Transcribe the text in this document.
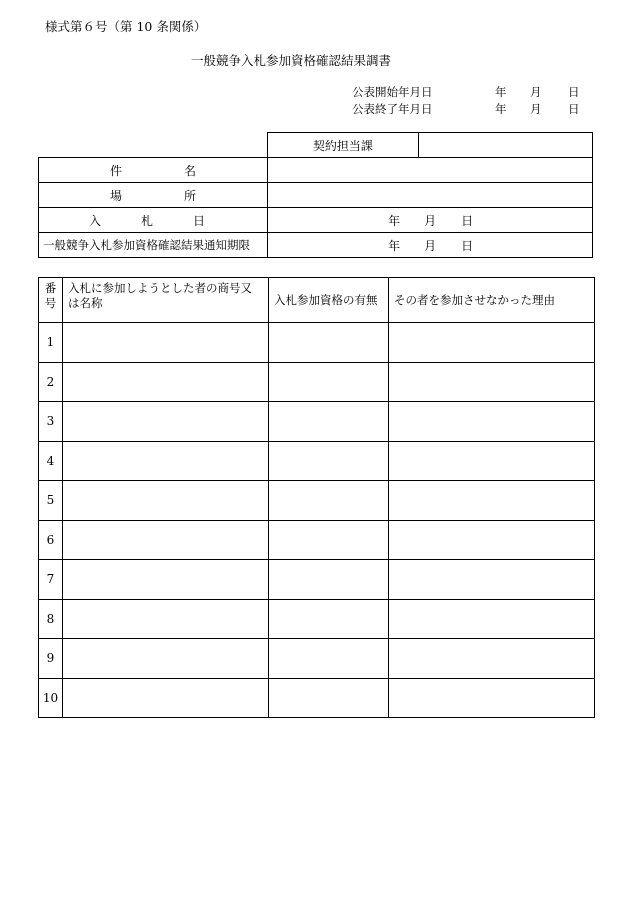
様式第６号（第 10 条関係）
一般競争入札参加資格確認結果調書
公表開始年月日	年 月 日
公表終了年月日	年 月 日
	契約担当課	

件 名		

場 所		

入 札 日	年 月 日	

一般競争入札参加資格確認結果通知期限	年 月 日	
番
号	入札に参加しようとした者の商号又は名称	入札参加資格の有無	その者を参加させなかった理由
1			
2			
3			
4			
5			
6			
7			
8			
9			
10			
